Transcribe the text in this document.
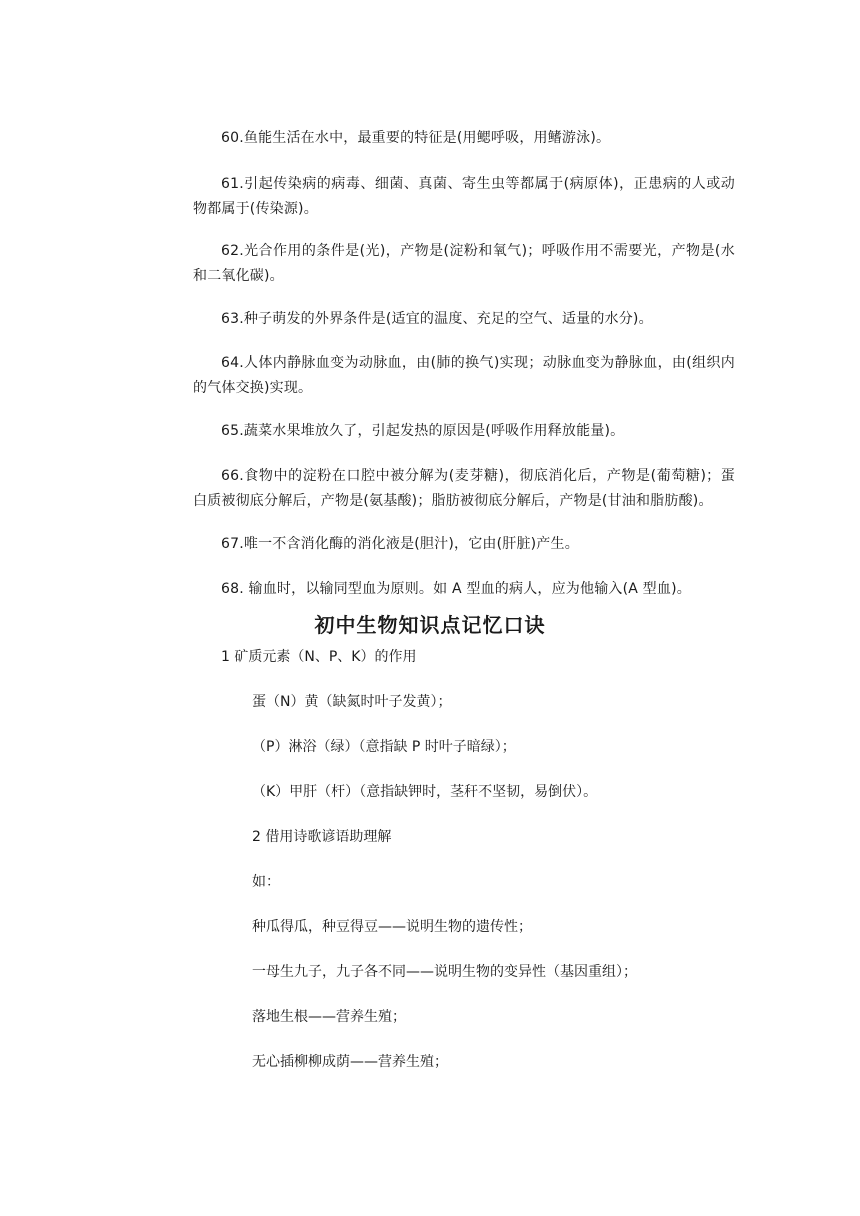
60.鱼能生活在水中，最重要的特征是(用鳃呼吸，用鳍游泳)。

61.引起传染病的病毒、细菌、真菌、寄生虫等都属于(病原体)，正患病的人或动物都属于(传染源)。

62.光合作用的条件是(光)，产物是(淀粉和氧气)；呼吸作用不需要光，产物是(水和二氧化碳)。

63.种子萌发的外界条件是(适宜的温度、充足的空气、适量的水分)。

64.人体内静脉血变为动脉血，由(肺的换气)实现；动脉血变为静脉血，由(组织内的气体交换)实现。

65.蔬菜水果堆放久了，引起发热的原因是(呼吸作用释放能量)。

66.食物中的淀粉在口腔中被分解为(麦芽糖)，彻底消化后，产物是(葡萄糖)；蛋白质被彻底分解后，产物是(氨基酸)；脂肪被彻底分解后，产物是(甘油和脂肪酸)。

67.唯一不含消化酶的消化液是(胆汁)，它由(肝脏)产生。

68. 输血时，以输同型血为原则。如 A 型血的病人，应为他输入(A 型血)。

初中生物知识点记忆口诀

1 矿质元素（N、P、K）的作用

蛋（N）黄（缺氮时叶子发黄）；

（P）淋浴（绿）（意指缺 P 时叶子暗绿）；

（K）甲肝（杆）（意指缺钾时，茎秆不坚韧，易倒伏）。

2 借用诗歌谚语助理解

如：

种瓜得瓜，种豆得豆——说明生物的遗传性；

一母生九子，九子各不同——说明生物的变异性（基因重组）；

落地生根——营养生殖；

无心插柳柳成荫——营养生殖；
